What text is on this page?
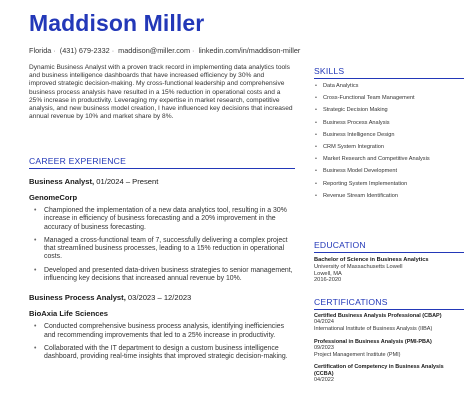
Maddison Miller
Florida · (431) 679-2332 · maddison@miller.com · linkedin.com/in/maddison-miller

Dynamic Business Analyst with a proven track record in implementing data analytics tools and business intelligence dashboards that have increased efficiency by 30% and improved strategic decision-making. My cross-functional leadership and comprehensive business process analysis have resulted in a 15% reduction in operational costs and a 25% increase in productivity. Leveraging my expertise in market research, competitive analysis, and new business model creation, I have influenced key decisions that increased annual revenue by 10% and market share by 8%.

CAREER EXPERIENCE
Business Analyst, 01/2024 – Present
GenomeCorp
• Championed the implementation of a new data analytics tool, resulting in a 30% increase in efficiency of business forecasting and a 20% improvement in the accuracy of business forecasting.
• Managed a cross-functional team of 7, successfully delivering a complex project that streamlined business processes, leading to a 15% reduction in operational costs.
• Developed and presented data-driven business strategies to senior management, influencing key decisions that increased annual revenue by 10%.
Business Process Analyst, 03/2023 – 12/2023
BioAxia Life Sciences
• Conducted comprehensive business process analysis, identifying inefficiencies and recommending improvements that led to a 25% increase in productivity.
• Collaborated with the IT department to design a custom business intelligence dashboard, providing real-time insights that improved strategic decision-making.
SKILLS
• Data Analytics
• Cross-Functional Team Management
• Strategic Decision Making
• Business Process Analysis
• Business Intelligence Design
• CRM System Integration
• Market Research and Competitive Analysis
• Business Model Development
• Reporting System Implementation
• Revenue Stream Identification
EDUCATION
Bachelor of Science in Business Analytics
University of Massachusetts Lowell
Lowell, MA
2016-2020
CERTIFICATIONS
Certified Business Analysis Professional (CBAP)
04/2024
International Institute of Business Analysis (IIBA)
Professional in Business Analysis (PMI-PBA)
09/2023
Project Management Institute (PMI)
Certification of Competency in Business Analysis (CCBA)
04/2022
